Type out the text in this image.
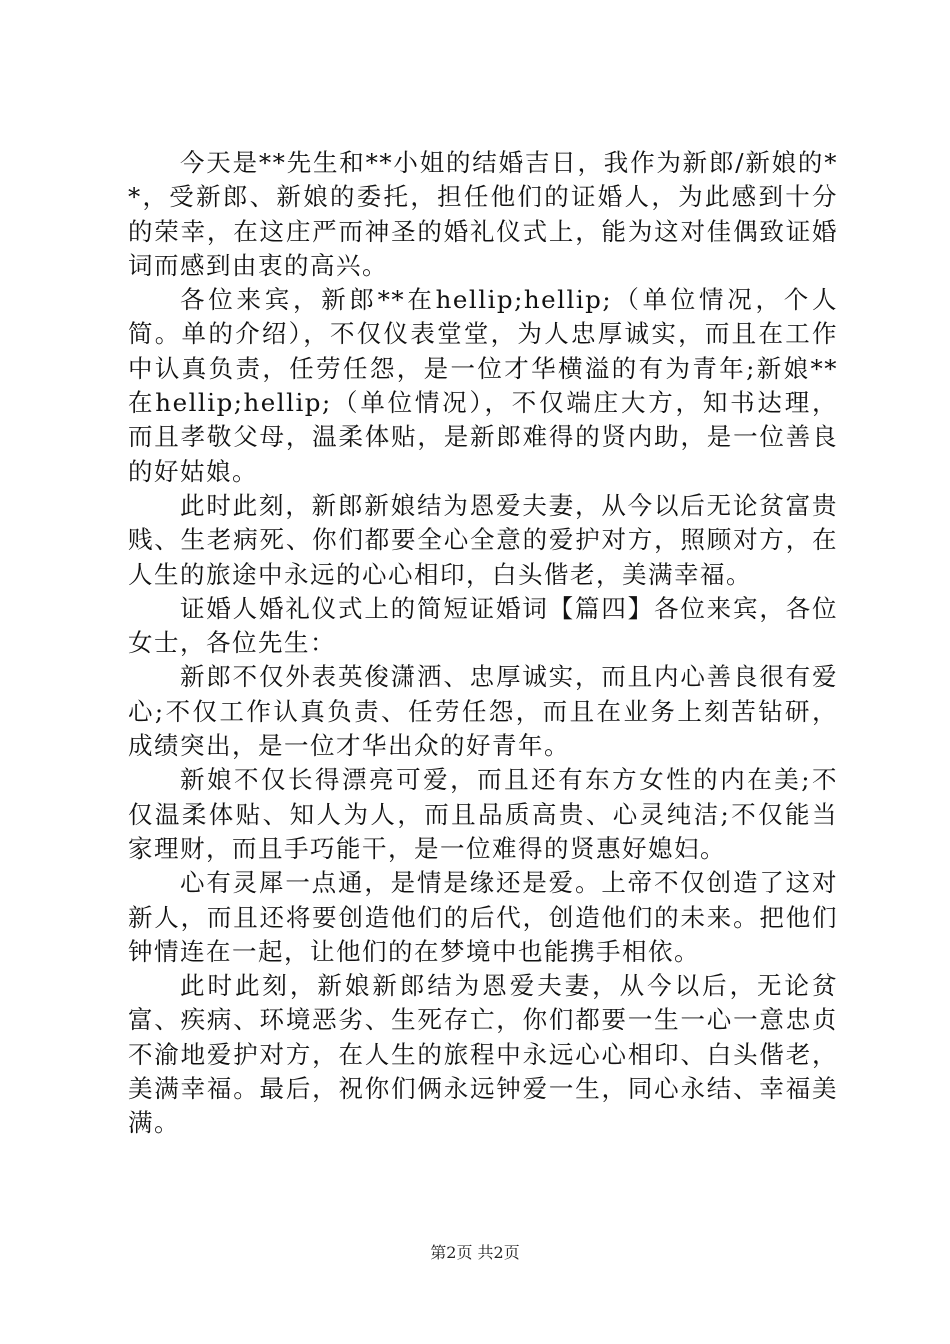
今天是**先生和**小姐的结婚吉日，我作为新郎/新娘的**，受新郎、新娘的委托，担任他们的证婚人，为此感到十分的荣幸，在这庄严而神圣的婚礼仪式上，能为这对佳偶致证婚词而感到由衷的高兴。

各位来宾，新郎**在hellip;hellip;（单位情况，个人简。单的介绍），不仅仪表堂堂，为人忠厚诚实，而且在工作中认真负责，任劳任怨，是一位才华横溢的有为青年;新娘**在hellip;hellip;（单位情况），不仅端庄大方，知书达理，而且孝敬父母，温柔体贴，是新郎难得的贤内助，是一位善良的好姑娘。

此时此刻，新郎新娘结为恩爱夫妻，从今以后无论贫富贵贱、生老病死、你们都要全心全意的爱护对方，照顾对方，在人生的旅途中永远的心心相印，白头偕老，美满幸福。

证婚人婚礼仪式上的简短证婚词【篇四】各位来宾，各位女士，各位先生：

新郎不仅外表英俊潇洒、忠厚诚实，而且内心善良很有爱心;不仅工作认真负责、任劳任怨，而且在业务上刻苦钻研，成绩突出，是一位才华出众的好青年。

新娘不仅长得漂亮可爱，而且还有东方女性的内在美;不仅温柔体贴、知人为人，而且品质高贵、心灵纯洁;不仅能当家理财，而且手巧能干，是一位难得的贤惠好媳妇。

心有灵犀一点通，是情是缘还是爱。上帝不仅创造了这对新人，而且还将要创造他们的后代，创造他们的未来。把他们钟情连在一起，让他们的在梦境中也能携手相依。

此时此刻，新娘新郎结为恩爱夫妻，从今以后，无论贫富、疾病、环境恶劣、生死存亡，你们都要一生一心一意忠贞不渝地爱护对方，在人生的旅程中永远心心相印、白头偕老，美满幸福。最后，祝你们俩永远钟爱一生，同心永结、幸福美满。

第2页 共2页
